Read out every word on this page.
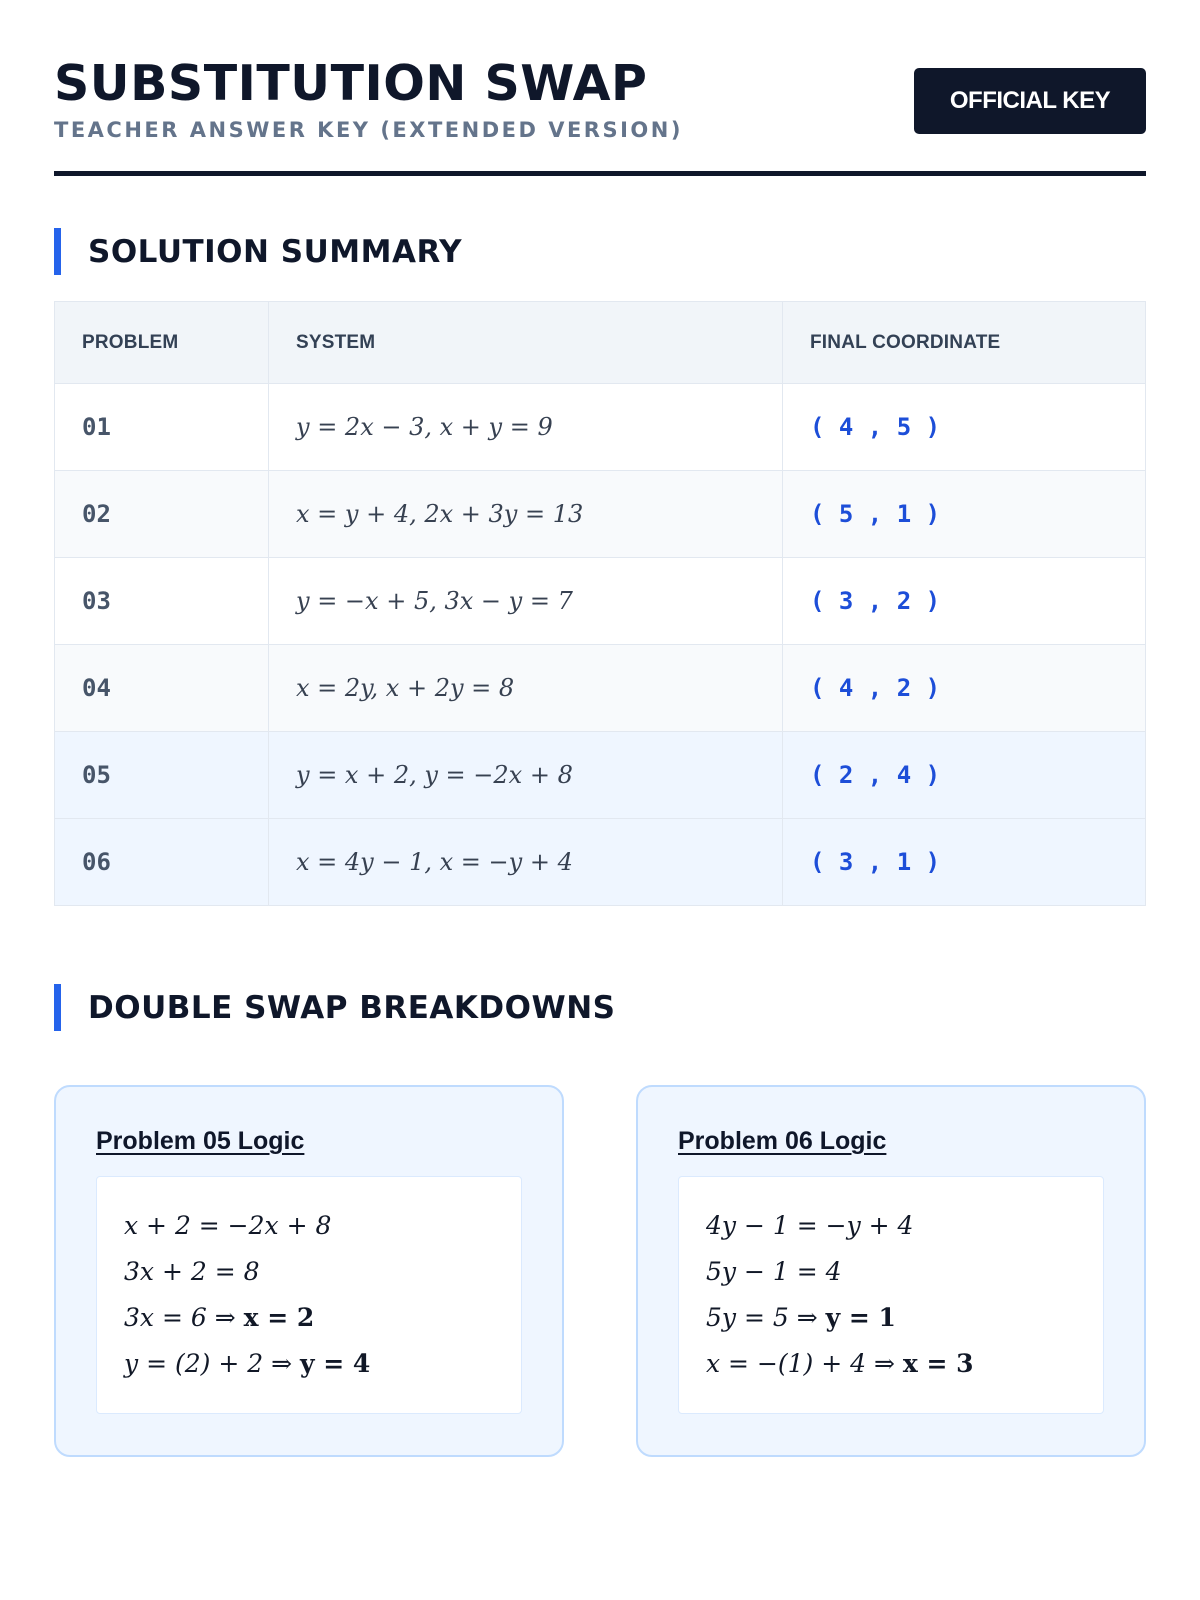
SUBSTITUTION SWAP
TEACHER ANSWER KEY (EXTENDED VERSION)
OFFICIAL KEY
SOLUTION SUMMARY
PROBLEM	SYSTEM	FINAL COORDINATE
01	y = 2x − 3, x + y = 9	( 4 , 5 )
02	x = y + 4, 2x + 3y = 13	( 5 , 1 )
03	y = −x + 5, 3x − y = 7	( 3 , 2 )
04	x = 2y, x + 2y = 8	( 4 , 2 )
05	y = x + 2, y = −2x + 8	( 2 , 4 )
06	x = 4y − 1, x = −y + 4	( 3 , 1 )
DOUBLE SWAP BREAKDOWNS
Problem 05 Logic
x + 2 = −2x + 8
3x + 2 = 8
3x = 6 ⇒ x = 2
y = (2) + 2 ⇒ y = 4
Problem 06 Logic
4y − 1 = −y + 4
5y − 1 = 4
5y = 5 ⇒ y = 1
x = −(1) + 4 ⇒ x = 3
